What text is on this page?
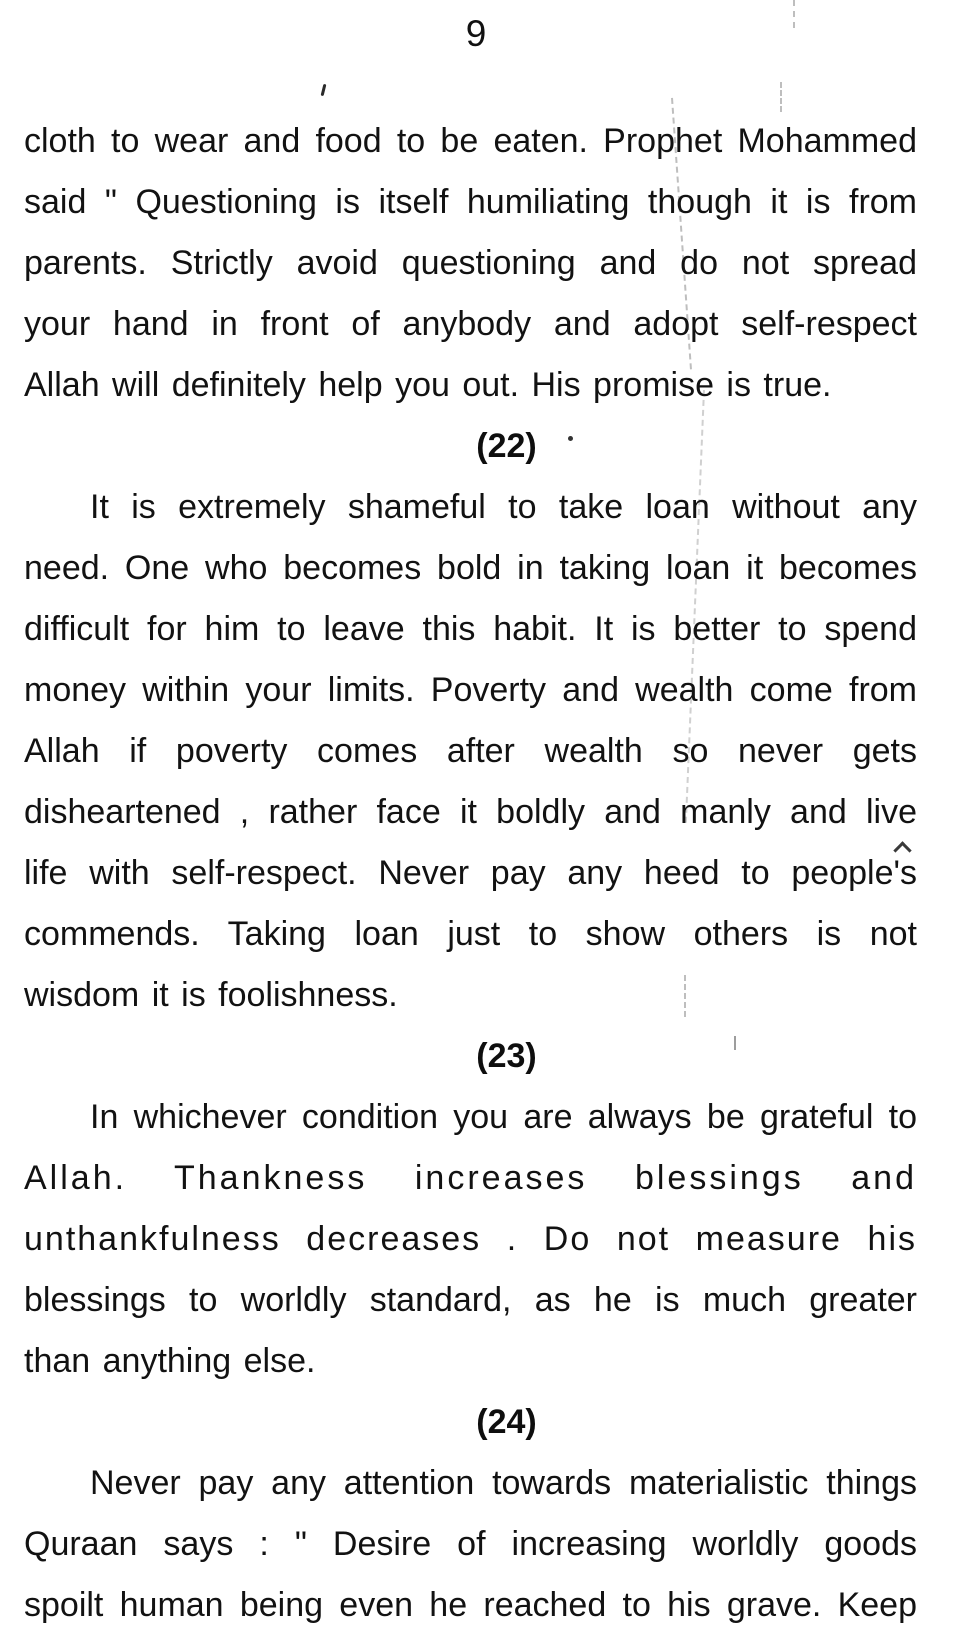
9
cloth to wear and food to be eaten. Prophet Mohammed
said " Questioning is itself humiliating though it is from
parents. Strictly avoid questioning and do not spread
your hand in front of anybody and adopt self-respect
Allah will definitely help you out. His promise is true.
(22)
It is extremely shameful to take loan without any
need. One who becomes bold in taking loan it becomes
difficult for him to leave this habit. It is better to spend
money within your limits. Poverty and wealth come from
Allah if poverty comes after wealth so never gets
disheartened , rather face it boldly and manly and live
life with self-respect. Never pay any heed to people's
commends. Taking loan just to show others is not
wisdom it is foolishness.
(23)
In whichever condition you are always be grateful to
Allah. Thankness increases blessings and
unthankfulness decreases . Do not measure his
blessings to worldly standard, as he is much greater
than anything else.
(24)
Never pay any attention towards materialistic things
Quraan says : " Desire of increasing worldly goods
spoilt human being even he reached to his grave. Keep
